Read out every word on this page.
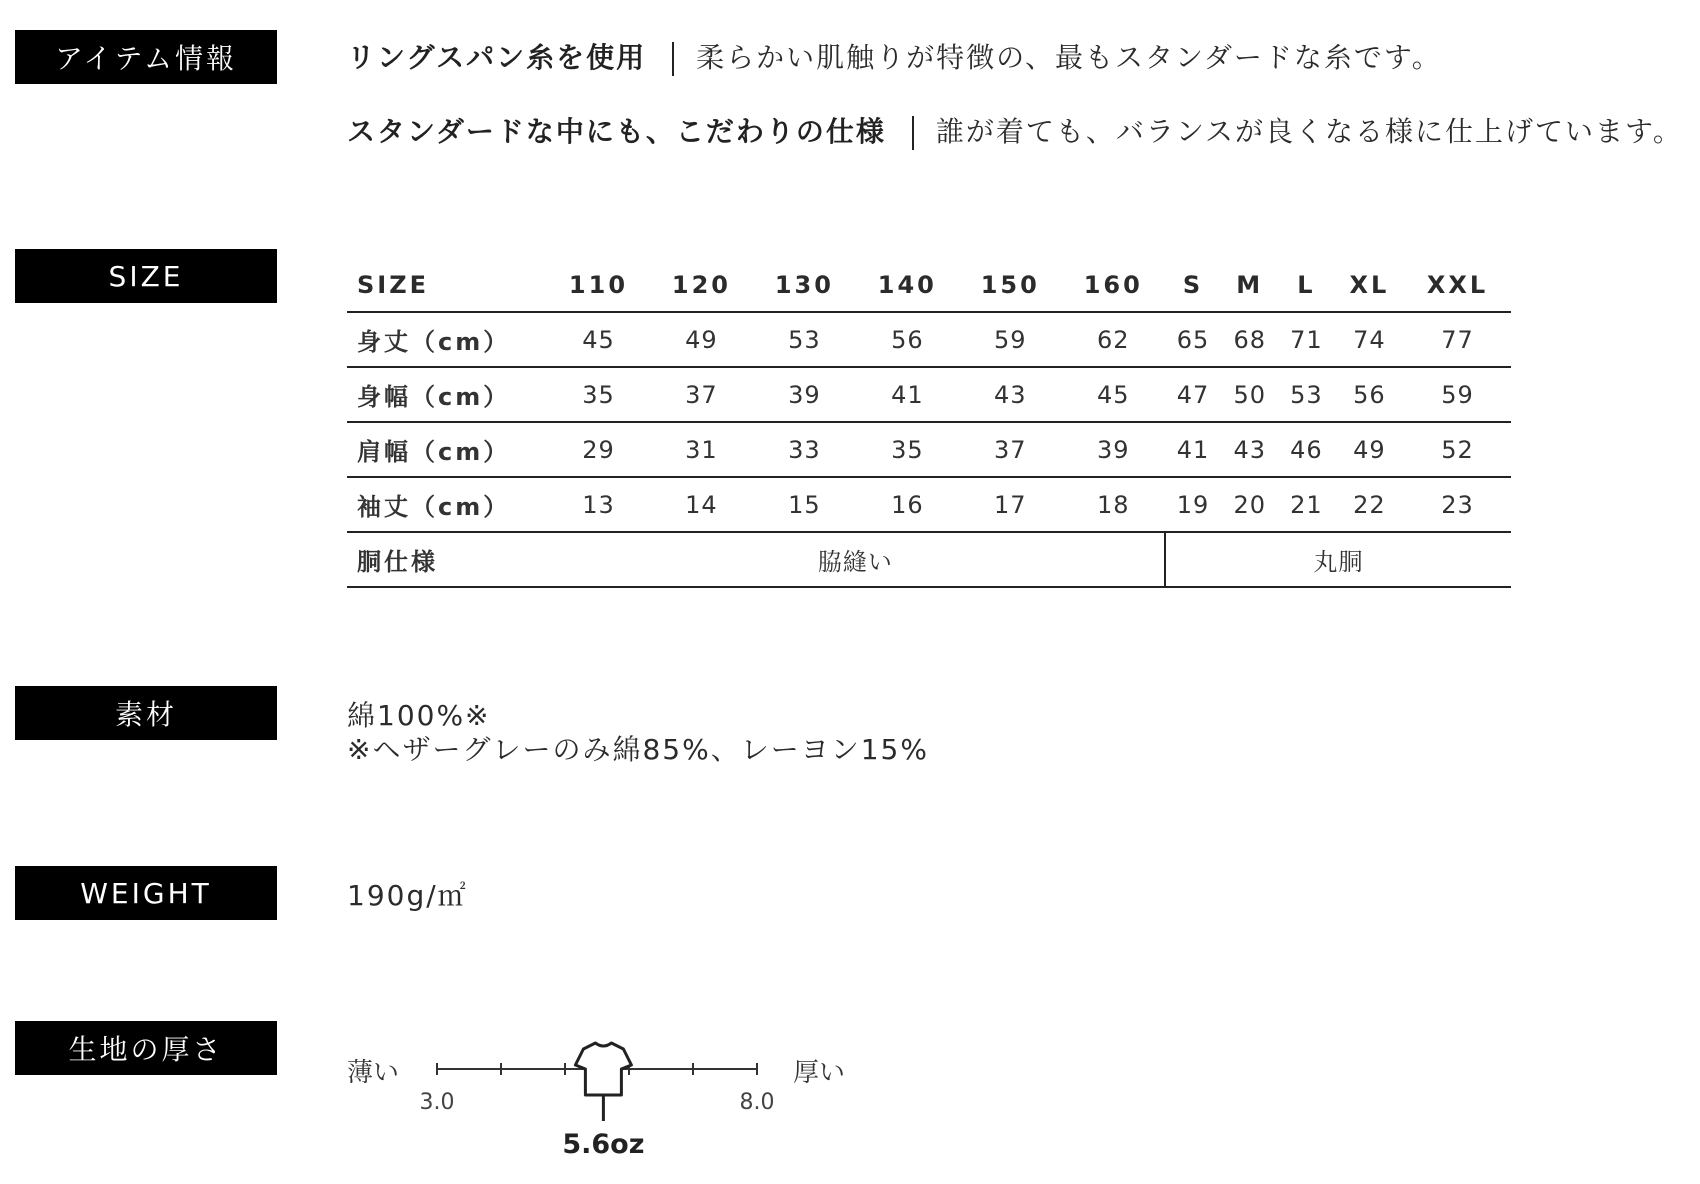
アイテム情報	リングスパン糸を使用 柔らかい肌触りが特徴の、最もスタンダードな糸です。
スタンダードな中にも、こだわりの仕様 誰が着ても、バランスが良くなる様に仕上げています。
SIZE	SIZE	110	120	130	140	150	160	S	M	L	XL	XXL
身丈（cm）	45	49	53	56	59	62	65	68	71	74	77
身幅（cm）	35	37	39	41	43	45	47	50	53	56	59
肩幅（cm）	29	31	33	35	37	39	41	43	46	49	52
袖丈（cm）	13	14	15	16	17	18	19	20	21	22	23
胴仕様	脇縫い						丸胴				
素材	綿100%※
※ヘザーグレーのみ綿85%、レーヨン15%
WEIGHT	190g/㎡
生地の厚さ
薄い
3.0	8.0
厚い
5.6oz
